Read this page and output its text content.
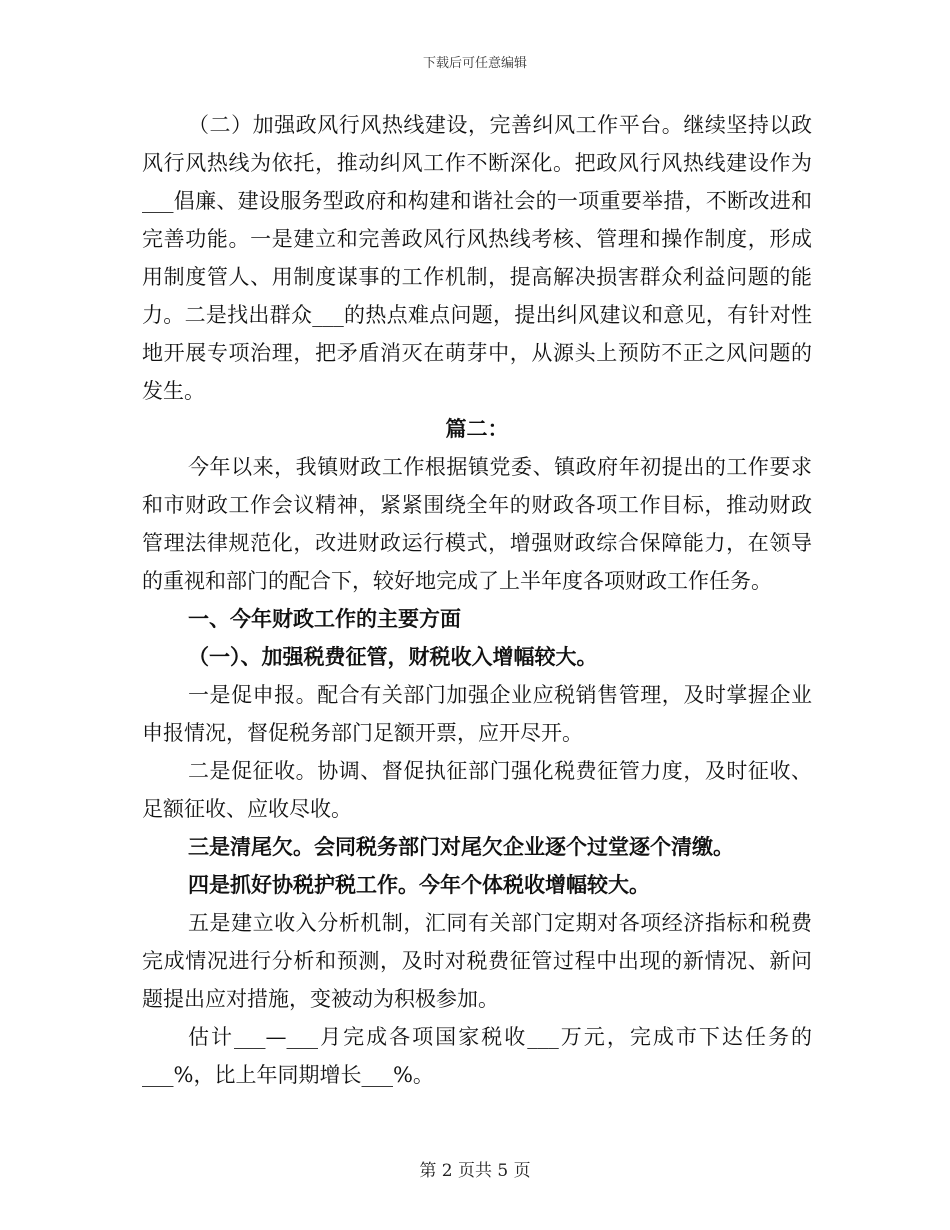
下载后可任意编辑

（二）加强政风行风热线建设，完善纠风工作平台。继续坚持以政风行风热线为依托，推动纠风工作不断深化。把政风行风热线建设作为___倡廉、建设服务型政府和构建和谐社会的一项重要举措，不断改进和完善功能。一是建立和完善政风行风热线考核、管理和操作制度，形成用制度管人、用制度谋事的工作机制，提高解决损害群众利益问题的能力。二是找出群众___的热点难点问题，提出纠风建议和意见，有针对性地开展专项治理，把矛盾消灭在萌芽中，从源头上预防不正之风问题的发生。

篇二：

今年以来，我镇财政工作根据镇党委、镇政府年初提出的工作要求和市财政工作会议精神，紧紧围绕全年的财政各项工作目标，推动财政管理法律规范化，改进财政运行模式，增强财政综合保障能力，在领导的重视和部门的配合下，较好地完成了上半年度各项财政工作任务。

一、今年财政工作的主要方面

（一）、加强税费征管，财税收入增幅较大。

一是促申报。配合有关部门加强企业应税销售管理，及时掌握企业申报情况，督促税务部门足额开票，应开尽开。

二是促征收。协调、督促执征部门强化税费征管力度，及时征收、足额征收、应收尽收。

三是清尾欠。会同税务部门对尾欠企业逐个过堂逐个清缴。

四是抓好协税护税工作。今年个体税收增幅较大。

五是建立收入分析机制，汇同有关部门定期对各项经济指标和税费完成情况进行分析和预测，及时对税费征管过程中出现的新情况、新问题提出应对措施，变被动为积极参加。

估计___—___月完成各项国家税收___万元，完成市下达任务的___%，比上年同期增长___%。

第 2 页共 5 页
